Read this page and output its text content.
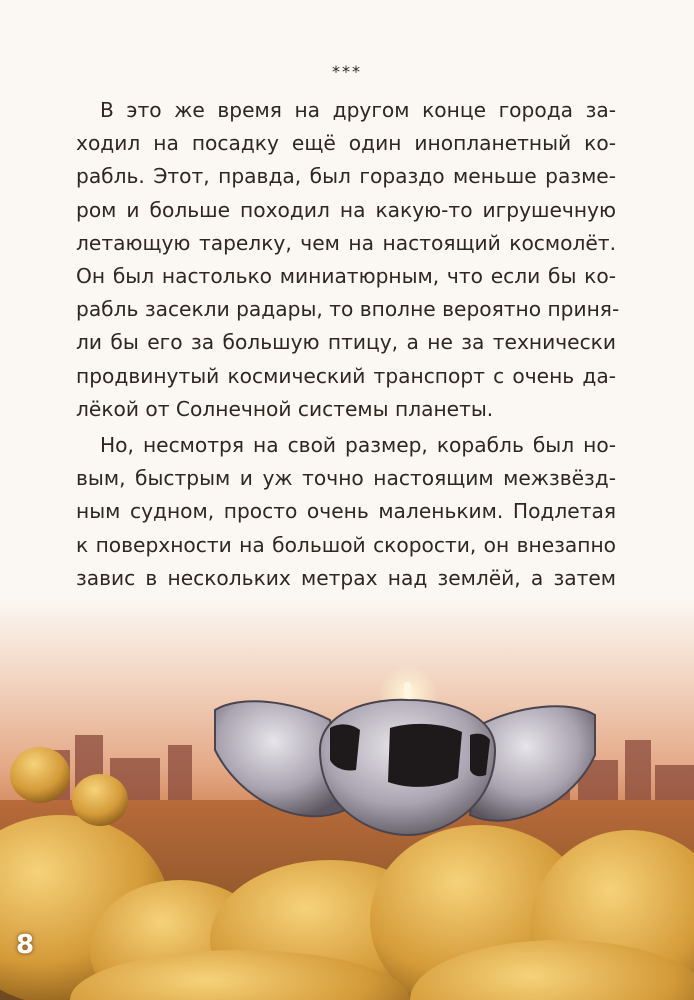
***

В это же время на другом конце города за-
ходил на посадку ещё один инопланетный ко-
рабль. Этот, правда, был гораздо меньше разме-
ром и больше походил на какую-то игрушечную
летающую тарелку, чем на настоящий космолёт.
Он был настолько миниатюрным, что если бы ко-
рабль засекли радары, то вполне вероятно приня-
ли бы его за большую птицу, а не за технически
продвинутый космический транспорт с очень да-
лёкой от Солнечной системы планеты.

Но, несмотря на свой размер, корабль был но-
вым, быстрым и уж точно настоящим межзвёзд-
ным судном, просто очень маленьким. Подлетая
к поверхности на большой скорости, он внезапно
завис в нескольких метрах над землёй, а затем

8
